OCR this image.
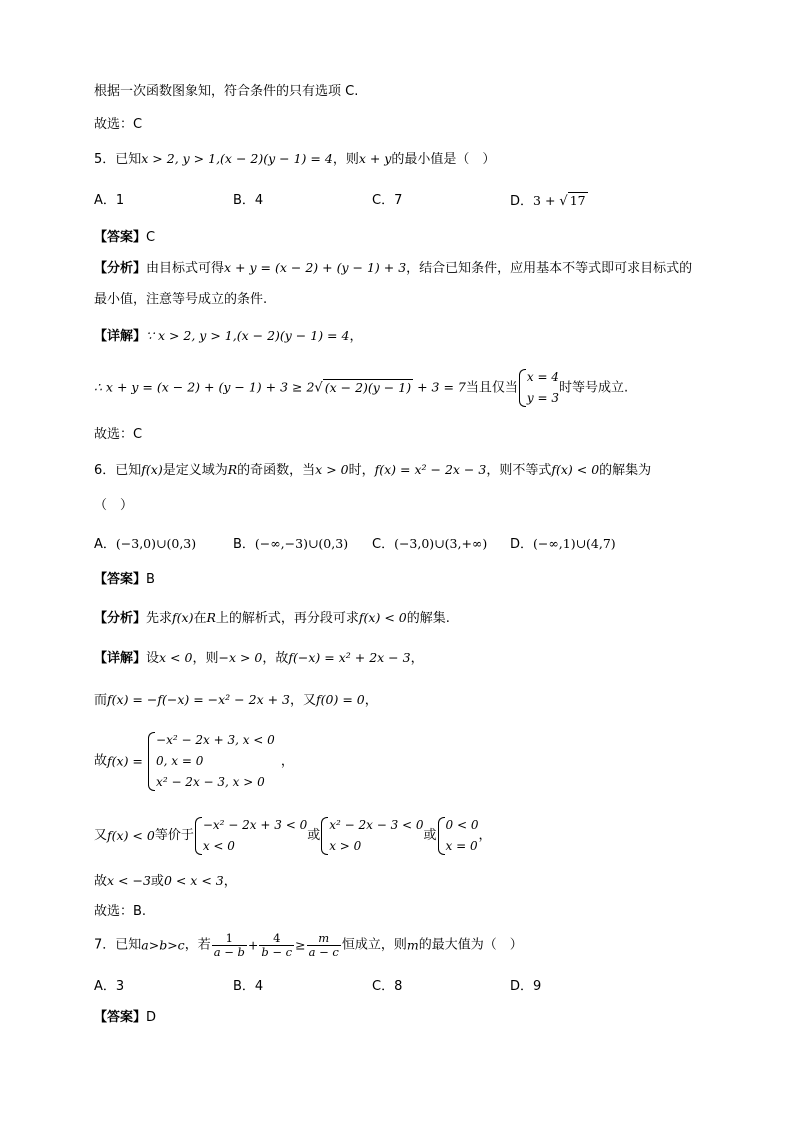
根据一次函数图象知，符合条件的只有选项 C.
故选：C
5．已知x > 2, y > 1,(x − 2)(y − 1) = 4，则x + y的最小值是（　）
A．1	B．4	C．7	D．3 + √ 17
【答案】C
【分析】由目标式可得x + y = (x − 2) + (y − 1) + 3，结合已知条件，应用基本不等式即可求目标式的
最小值，注意等号成立的条件.
【详解】∵ x > 2, y > 1,(x − 2)(y − 1) = 4，
∴ x + y = (x − 2) + (y − 1) + 3 ≥ 2√ (x − 2)(y − 1) + 3 = 7当且仅当
x = 4
y = 3
时等号成立.
故选：C
6．已知f(x)是定义域为R的奇函数，当x > 0时，f(x) = x² − 2x − 3，则不等式f(x) < 0的解集为
（　）
A．(−3,0)∪(0,3)	B．(−∞,−3)∪(0,3) C．(−3,0)∪(3,+∞) D．(−∞,1)∪(4,7)
【答案】B
【分析】先求f(x)在R上的解析式，再分段可求f(x) < 0的解集.
【详解】设x < 0，则−x > 0，故f(−x) = x² + 2x − 3，
而f(x) = −f(−x) = −x² − 2x + 3，又f(0) = 0，
故f(x) =
−x² − 2x + 3, x < 0
0, x = 0
x² − 2x − 3, x > 0
，
又f(x) < 0等价于
−x² − 2x + 3 < 0
x < 0
或
x² − 2x − 3 < 0
x > 0
或
0 < 0
x = 0
，
故x < −3或0 < x < 3，
故选：B.
7．已知a>b>c，若 $\frac{1}{a - b} + \frac{4}{b - c} \ge \frac{m}{a - c}$ 恒成立，则m的最大值为（　）
A．3	B．4	C．8	D．9
【答案】D
